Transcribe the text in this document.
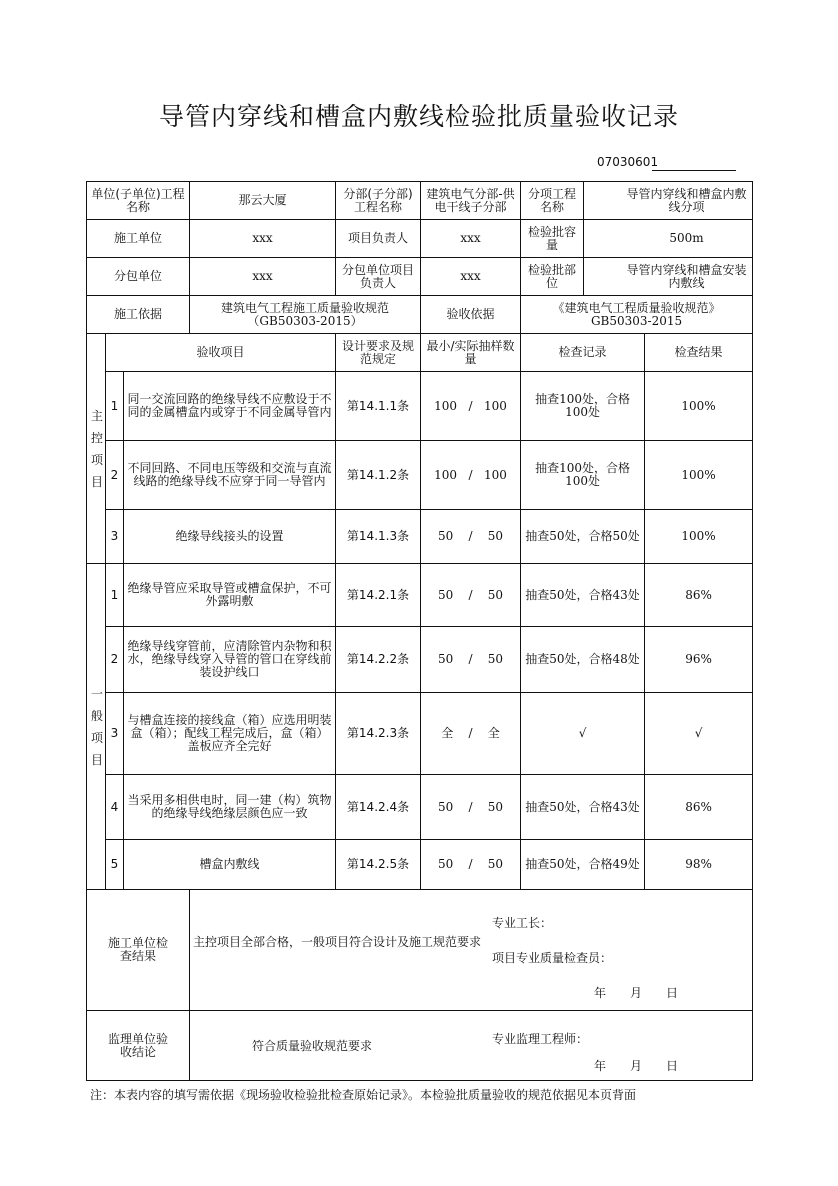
导管内穿线和槽盒内敷线检验批质量验收记录
07030601
单位(子单位)工程名称			那云大厦	分部(子分部)工程名称	建筑电气分部-供电干线子分部	分项工程名称	导管内穿线和槽盒内敷线分项	
施工单位			xxx	项目负责人	xxx	检验批容量	500m	
分包单位			xxx	分包单位项目负责人	xxx	检验批部位	导管内穿线和槽盒安装内敷线	
施工依据			建筑电气工程施工质量验收规范（GB50303-2015）		验收依据	《建筑电气工程质量验收规范》GB50303-2015		
主控项目	验收项目			设计要求及规范规定	最小/实际抽样数量	检查记录		检查结果
	1	同一交流回路的绝缘导线不应敷设于不同的金属槽盒内或穿于不同金属导管内		第14.1.1条	100 / 100	抽查100处，合格100处		100%
	2	不同回路、不同电压等级和交流与直流线路的绝缘导线不应穿于同一导管内		第14.1.2条	100 / 100	抽查100处，合格100处		100%
	3	绝缘导线接头的设置		第14.1.3条	50 / 50	抽查50处，合格50处		100%
一般项目	1	绝缘导管应采取导管或槽盒保护，不可外露明敷		第14.2.1条	50 / 50	抽查50处，合格43处		86%
	2	绝缘导线穿管前，应清除管内杂物和积水，绝缘导线穿入导管的管口在穿线前装设护线口		第14.2.2条	50 / 50	抽查50处，合格48处		96%
	3	与槽盒连接的接线盒（箱）应选用明装盒（箱）；配线工程完成后，盒（箱）盖板应齐全完好		第14.2.3条	全 / 全	√		√
	4	当采用多相供电时，同一建（构）筑物的绝缘导线绝缘层颜色应一致		第14.2.4条	50 / 50	抽查50处，合格43处		86%
	5	槽盒内敷线		第14.2.5条	50 / 50	抽查50处，合格49处		98%
施工单位检查结果			主控项目全部合格，一般项目符合设计及施工规范要求
专业工长：
项目专业质量检查员：
年　月　日					

监理单位验收结论			符合质量验收规范要求 专业监理工程师：
年　月　日					
注：本表内容的填写需依据《现场验收检验批检查原始记录》。本检验批质量验收的规范依据见本页背面
